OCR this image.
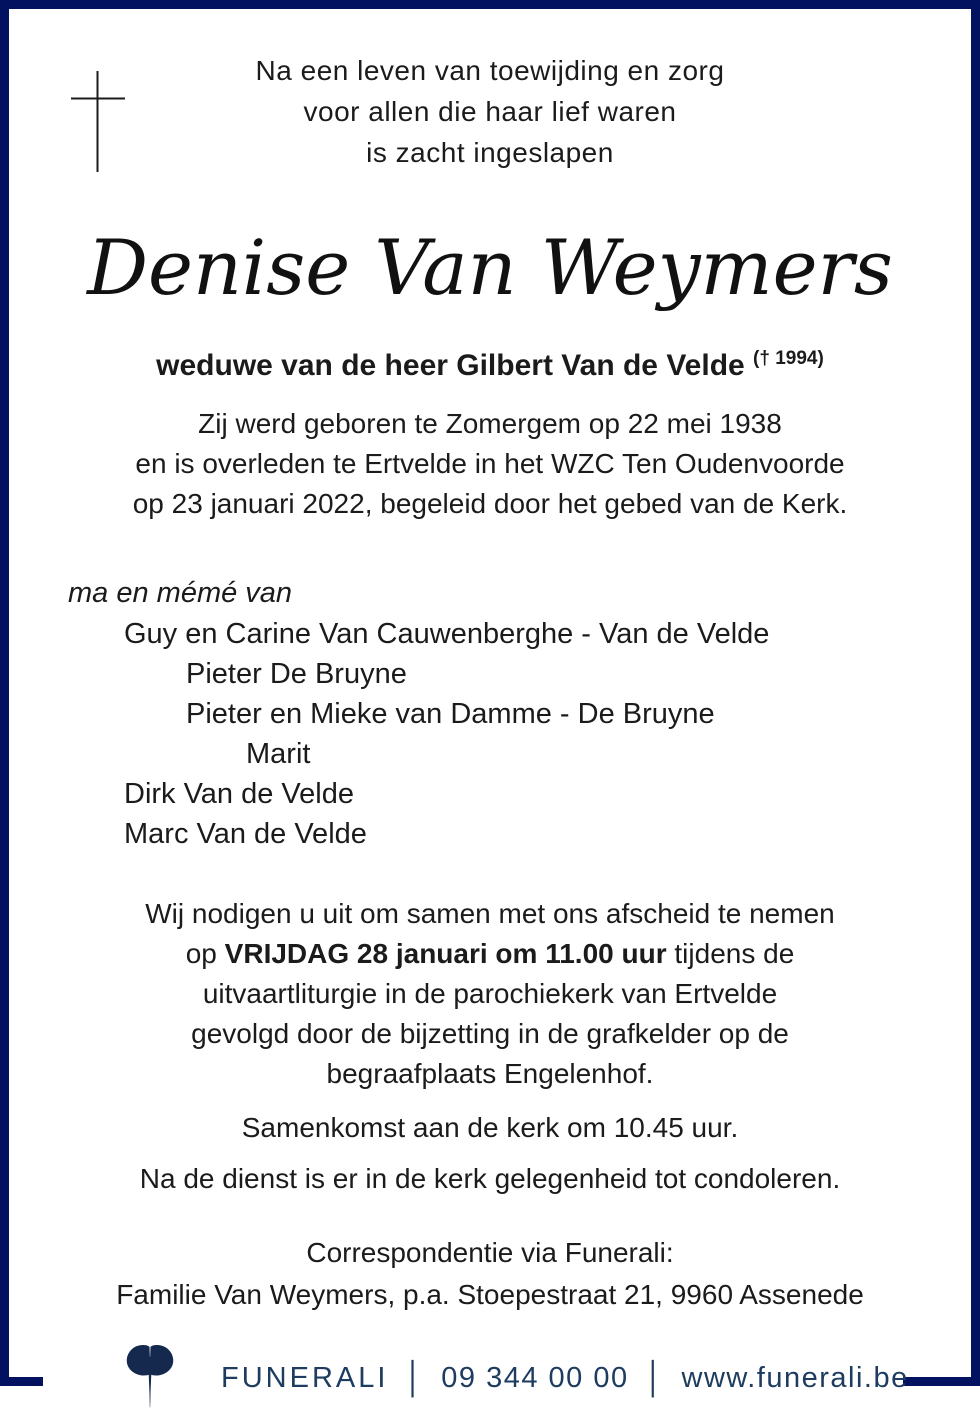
Na een leven van toewijding en zorg
voor allen die haar lief waren
is zacht ingeslapen
Denise Van Weymers
weduwe van de heer Gilbert Van de Velde $^{(\dagger 1994)}$
Zij werd geboren te Zomergem op 22 mei 1938
en is overleden te Ertvelde in het WZC Ten Oudenvoorde
op 23 januari 2022, begeleid door het gebed van de Kerk.
ma en mémé van
Guy en Carine Van Cauwenberghe - Van de Velde
Pieter De Bruyne
Pieter en Mieke van Damme - De Bruyne
Marit
Dirk Van de Velde
Marc Van de Velde
Wij nodigen u uit om samen met ons afscheid te nemen
op VRIJDAG 28 januari om 11.00 uur tijdens de
uitvaartliturgie in de parochiekerk van Ertvelde
gevolgd door de bijzetting in de grafkelder op de
begraafplaats Engelenhof.

Samenkomst aan de kerk om 10.45 uur.

Na de dienst is er in de kerk gelegenheid tot condoleren.

Correspondentie via Funerali:
Familie Van Weymers, p.a. Stoepestraat 21, 9960 Assenede
FUNERALI │ 09 344 00 00 │ www.funerali.be
